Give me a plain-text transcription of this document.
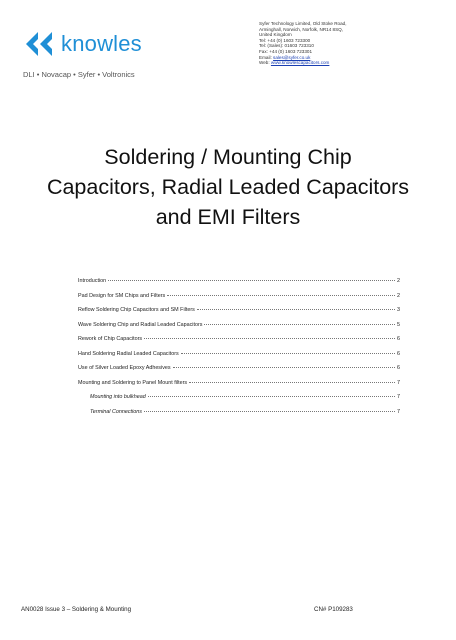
knowles
DLI • Novacap • Syfer • Voltronics
Syfer Technology Limited, Old Stoke Road,
Arminghall, Norwich, Norfolk, NR14 8SQ,
United Kingdom
Tel: +44 (0) 1603 723300
Tel: (Sales): 01603 723310
Fax: +44 (0) 1603 723301
Email: sales@syfer.co.uk
Web: www.knowlescapacitors.com
Soldering / Mounting Chip
Capacitors, Radial Leaded Capacitors
and EMI Filters
Introduction	2
Pad Design for SM Chips and Filters	2
Reflow Soldering Chip Capacitors and SM Filters	3
Wave Soldering Chip and Radial Leaded Capacitors	5
Rework of Chip Capacitors	6
Hand Soldering Radial Leaded Capacitors	6
Use of Silver Loaded Epoxy Adhesives	6
Mounting and Soldering to Panel Mount filters	7
Mounting into bulkhead	7
Terminal Connections	7
AN0028 Issue 3 – Soldering & Mounting	CN# P109283
